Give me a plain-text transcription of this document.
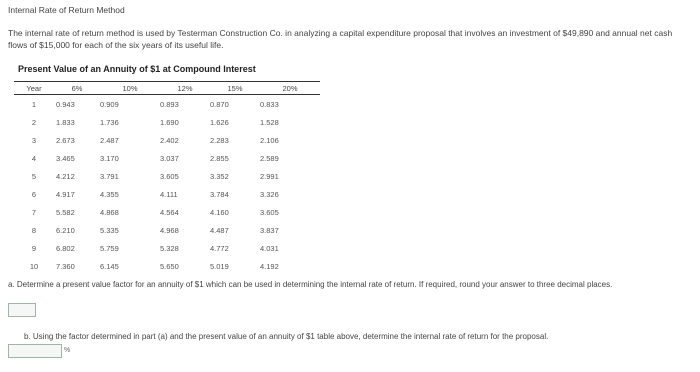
Internal Rate of Return Method
The internal rate of return method is used by Testerman Construction Co. in analyzing a capital expenditure proposal that involves an investment of $49,890 and annual net cash flows of $15,000 for each of the six years of its useful life.
Present Value of an Annuity of $1 at Compound Interest
Year	6%	10%	12%	15%	20%
1	0.943	0.909	0.893	0.870	0.833
2	1.833	1.736	1.690	1.626	1.528
3	2.673	2.487	2.402	2.283	2.106
4	3.465	3.170	3.037	2.855	2.589
5	4.212	3.791	3.605	3.352	2.991
6	4.917	4.355	4.111	3.784	3.326
7	5.582	4.868	4.564	4.160	3.605
8	6.210	5.335	4.968	4.487	3.837
9	6.802	5.759	5.328	4.772	4.031
10	7.360	6.145	5.650	5.019	4.192
a. Determine a present value factor for an annuity of $1 which can be used in determining the internal rate of return. If required, round your answer to three decimal places.
b. Using the factor determined in part (a) and the present value of an annuity of $1 table above, determine the internal rate of return for the proposal.
%
